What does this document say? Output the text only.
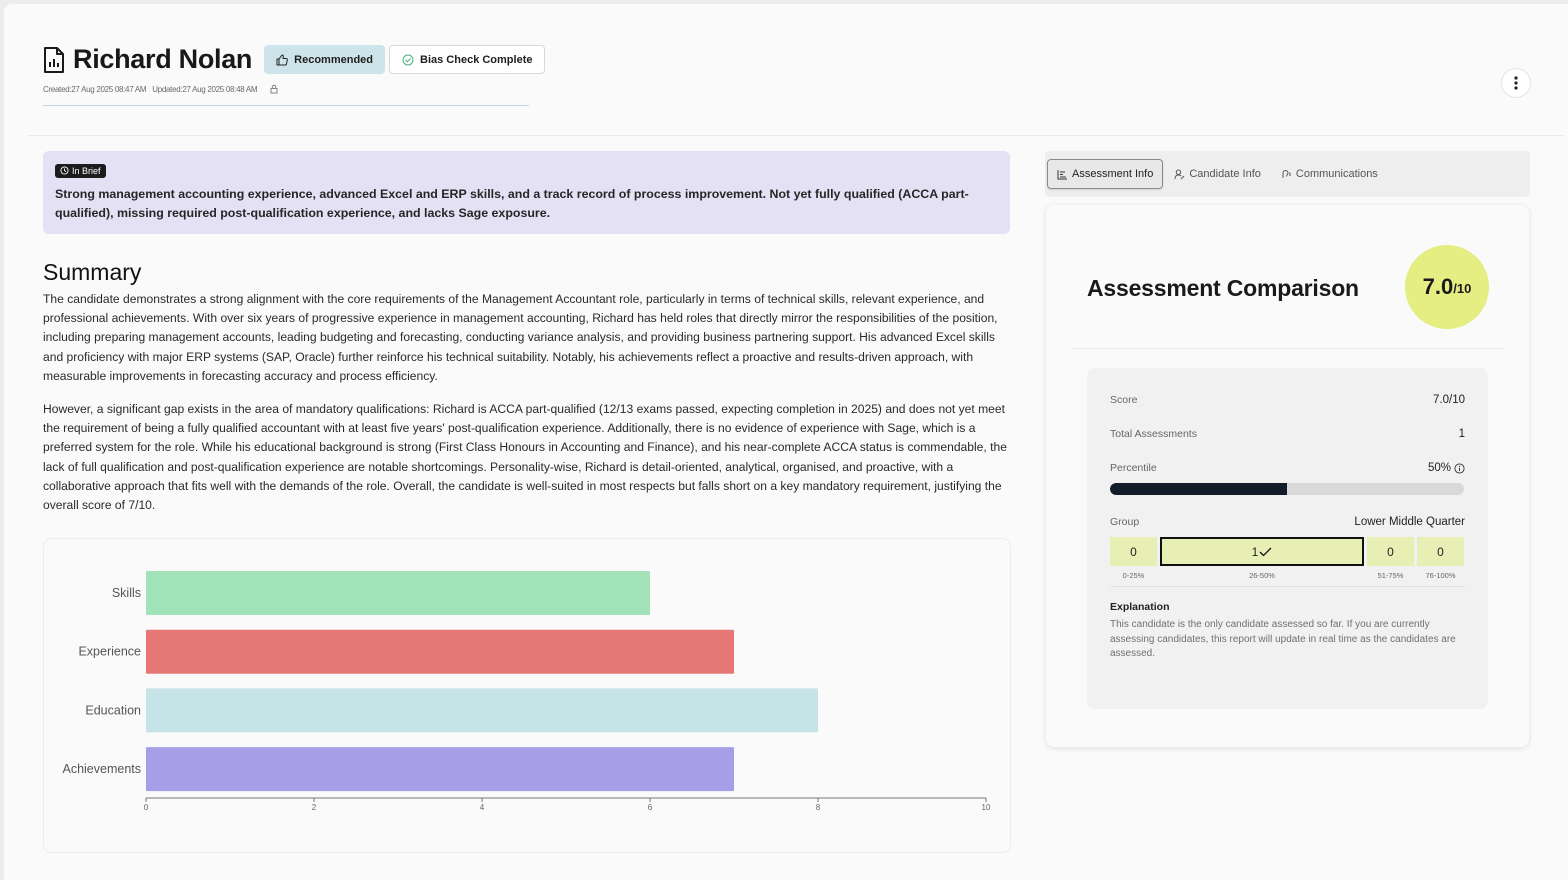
Richard Nolan	Recommended	Bias Check Complete
Created:27 Aug 2025 08:47 AM Updated:27 Aug 2025 08:48 AM
In Brief
Strong management accounting experience, advanced Excel and ERP skills, and a track record of process improvement. Not yet fully qualified (ACCA part-qualified), missing required post-qualification experience, and lacks Sage exposure.
Summary

The candidate demonstrates a strong alignment with the core requirements of the Management Accountant role, particularly in terms of technical skills, relevant experience, and professional achievements. With over six years of progressive experience in management accounting, Richard has held roles that directly mirror the responsibilities of the position, including preparing management accounts, leading budgeting and forecasting, conducting variance analysis, and providing business partnering support. His advanced Excel skills and proficiency with major ERP systems (SAP, Oracle) further reinforce his technical suitability. Notably, his achievements reflect a proactive and results-driven approach, with measurable improvements in forecasting accuracy and process efficiency.

However, a significant gap exists in the area of mandatory qualifications: Richard is ACCA part-qualified (12/13 exams passed, expecting completion in 2025) and does not yet meet the requirement of being a fully qualified accountant with at least five years' post-qualification experience. Additionally, there is no evidence of experience with Sage, which is a preferred system for the role. While his educational background is strong (First Class Honours in Accounting and Finance), and his near-complete ACCA status is commendable, the lack of full qualification and post-qualification experience are notable shortcomings. Personality-wise, Richard is detail-oriented, analytical, organised, and proactive, with a collaborative approach that fits well with the demands of the role. Overall, the candidate is well-suited in most respects but falls short on a key mandatory requirement, justifying the overall score of 7/10.

Skills
Experience
Education
Achievements
0	2	4	6	8	10
Assessment Info	Candidate Info	Communications
Assessment Comparison	7.0 /10
Score	7.0/10
Total Assessments	1
Percentile	50%
Group	Lower Middle Quarter
0	1	0	0
0-25%	26-50%	51-75%	76-100%
Explanation
This candidate is the only candidate assessed so far. If you are currently assessing candidates, this report will update in real time as the candidates are assessed.
